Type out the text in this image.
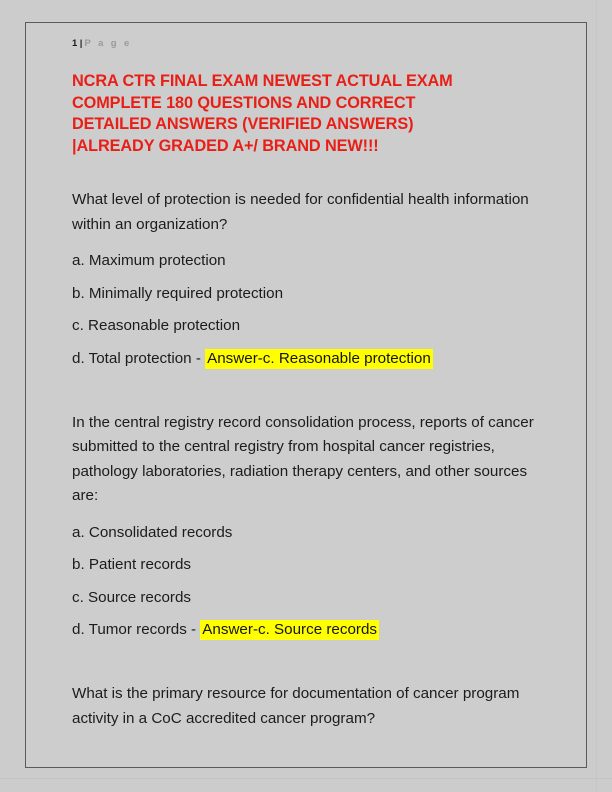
1 | P a g e
NCRA CTR FINAL EXAM NEWEST ACTUAL EXAM
COMPLETE 180 QUESTIONS AND CORRECT
DETAILED ANSWERS (VERIFIED ANSWERS)
|ALREADY GRADED A+/ BRAND NEW!!!
What level of protection is needed for confidential health information within an organization?
a. Maximum protection
b. Minimally required protection
c. Reasonable protection
d. Total protection - Answer-c. Reasonable protection
In the central registry record consolidation process, reports of cancer submitted to the central registry from hospital cancer registries, pathology laboratories, radiation therapy centers, and other sources are:
a. Consolidated records
b. Patient records
c. Source records
d. Tumor records - Answer-c. Source records
What is the primary resource for documentation of cancer program activity in a CoC accredited cancer program?
